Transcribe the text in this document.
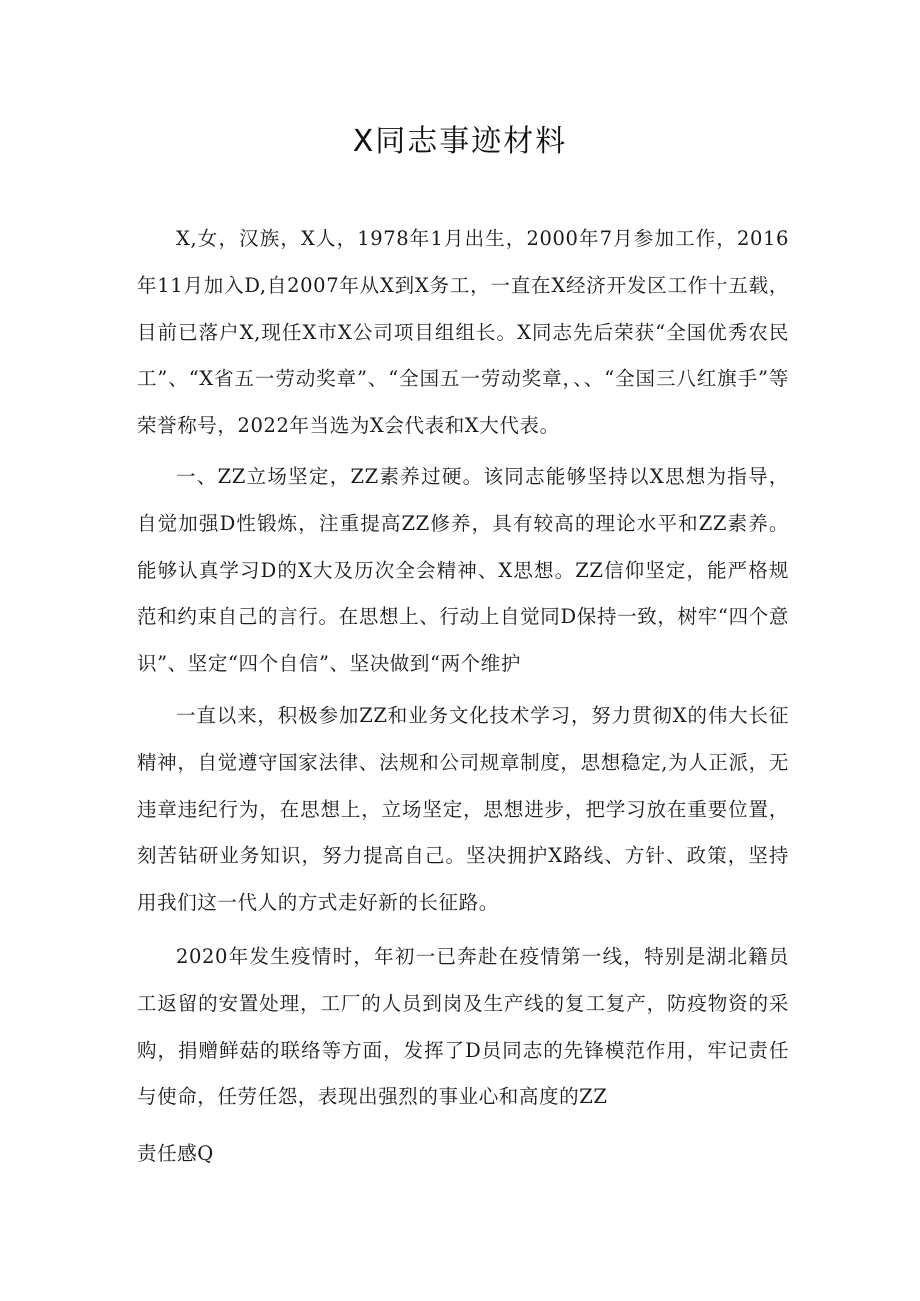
X同志事迹材料

X,女，汉族，X人，1978年1月出生，2000年7月参加工作，2016年11月加入D,自2007年从X到X务工，一直在X经济开发区工作十五载，目前已落户X,现任X市X公司项目组组长。X同志先后荣获“全国优秀农民工”、“X省五一劳动奖章”、“全国五一劳动奖章，、、“全国三八红旗手”等荣誉称号，2022年当选为X会代表和X大代表。

一、ZZ立场坚定，ZZ素养过硬。该同志能够坚持以X思想为指导，自觉加强D性锻炼，注重提高ZZ修养，具有较高的理论水平和ZZ素养。能够认真学习D的X大及历次全会精神、X思想。ZZ信仰坚定，能严格规范和约束自己的言行。在思想上、行动上自觉同D保持一致，树牢“四个意识”、坚定“四个自信”、坚决做到“两个维护

一直以来，积极参加ZZ和业务文化技术学习，努力贯彻X的伟大长征精神，自觉遵守国家法律、法规和公司规章制度，思想稳定,为人正派，无违章违纪行为，在思想上，立场坚定，思想进步，把学习放在重要位置，刻苦钻研业务知识，努力提高自己。坚决拥护X路线、方针、政策，坚持用我们这一代人的方式走好新的长征路。

2020年发生疫情时，年初一已奔赴在疫情第一线，特别是湖北籍员工返留的安置处理，工厂的人员到岗及生产线的复工复产，防疫物资的采购，捐赠鲜菇的联络等方面，发挥了D员同志的先锋模范作用，牢记责任与使命，任劳任怨，表现出强烈的事业心和高度的ZZ

责任感Q
